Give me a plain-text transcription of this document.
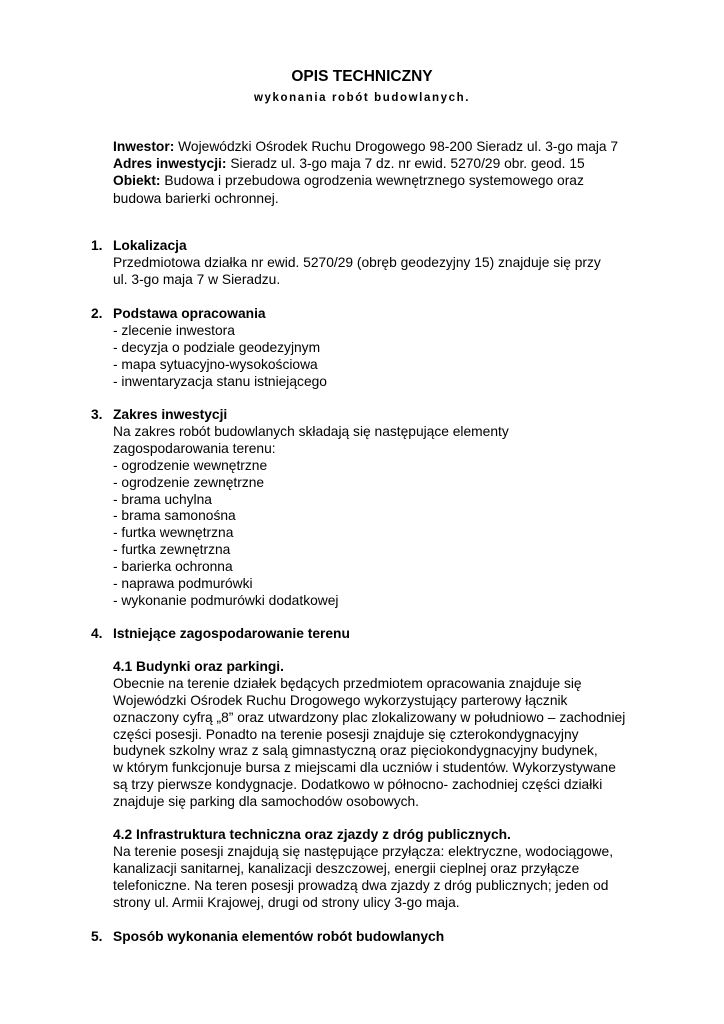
OPIS TECHNICZNY
wykonania robót budowlanych.
Inwestor: Wojewódzki Ośrodek Ruchu Drogowego 98-200 Sieradz ul. 3-go maja 7
Adres inwestycji: Sieradz ul. 3-go maja 7 dz. nr ewid. 5270/29 obr. geod. 15
Obiekt: Budowa i przebudowa ogrodzenia wewnętrznego systemowego oraz
budowa barierki ochronnej.
1. Lokalizacja
Przedmiotowa działka nr ewid. 5270/29 (obręb geodezyjny 15) znajduje się przy
ul. 3-go maja 7 w Sieradzu.
2. Podstawa opracowania
- zlecenie inwestora
- decyzja o podziale geodezyjnym
- mapa sytuacyjno-wysokościowa
- inwentaryzacja stanu istniejącego
3. Zakres inwestycji
Na zakres robót budowlanych składają się następujące elementy
zagospodarowania terenu:
- ogrodzenie wewnętrzne
- ogrodzenie zewnętrzne
- brama uchylna
- brama samonośna
- furtka wewnętrzna
- furtka zewnętrzna
- barierka ochronna
- naprawa podmurówki
- wykonanie podmurówki dodatkowej
4. Istniejące zagospodarowanie terenu
4.1 Budynki oraz parkingi.
Obecnie na terenie działek będących przedmiotem opracowania znajduje się
Wojewódzki Ośrodek Ruchu Drogowego wykorzystujący parterowy łącznik
oznaczony cyfrą „8” oraz utwardzony plac zlokalizowany w południowo – zachodniej
części posesji. Ponadto na terenie posesji znajduje się czterokondygnacyjny
budynek szkolny wraz z salą gimnastyczną oraz pięciokondygnacyjny budynek,
w którym funkcjonuje bursa z miejscami dla uczniów i studentów. Wykorzystywane
są trzy pierwsze kondygnacje. Dodatkowo w północno- zachodniej części działki
znajduje się parking dla samochodów osobowych.
4.2 Infrastruktura techniczna oraz zjazdy z dróg publicznych.
Na terenie posesji znajdują się następujące przyłącza: elektryczne, wodociągowe,
kanalizacji sanitarnej, kanalizacji deszczowej, energii cieplnej oraz przyłącze
telefoniczne. Na teren posesji prowadzą dwa zjazdy z dróg publicznych; jeden od
strony ul. Armii Krajowej, drugi od strony ulicy 3-go maja.
5. Sposób wykonania elementów robót budowlanych
